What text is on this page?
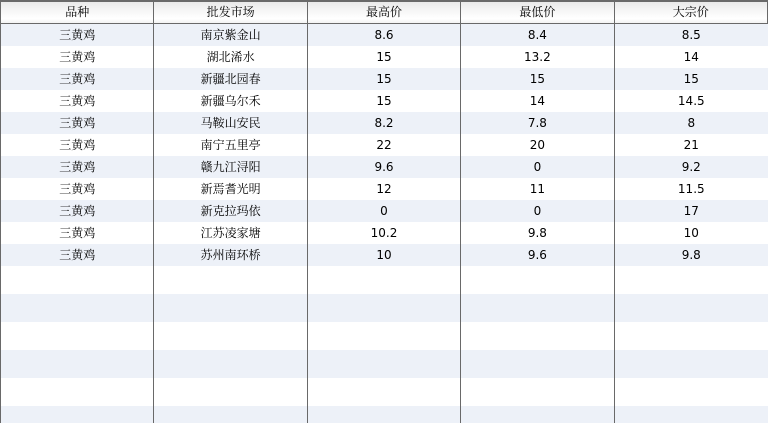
品种	批发市场	最高价	最低价	大宗价
三黄鸡	南京紫金山	8.6	8.4	8.5
三黄鸡	湖北浠水	15	13.2	14
三黄鸡	新疆北园春	15	15	15
三黄鸡	新疆乌尔禾	15	14	14.5
三黄鸡	马鞍山安民	8.2	7.8	8
三黄鸡	南宁五里亭	22	20	21
三黄鸡	赣九江浔阳	9.6	0	9.2
三黄鸡	新焉耆光明	12	11	11.5
三黄鸡	新克拉玛依	0	0	17
三黄鸡	江苏凌家塘	10.2	9.8	10
三黄鸡	苏州南环桥	10	9.6	9.8
